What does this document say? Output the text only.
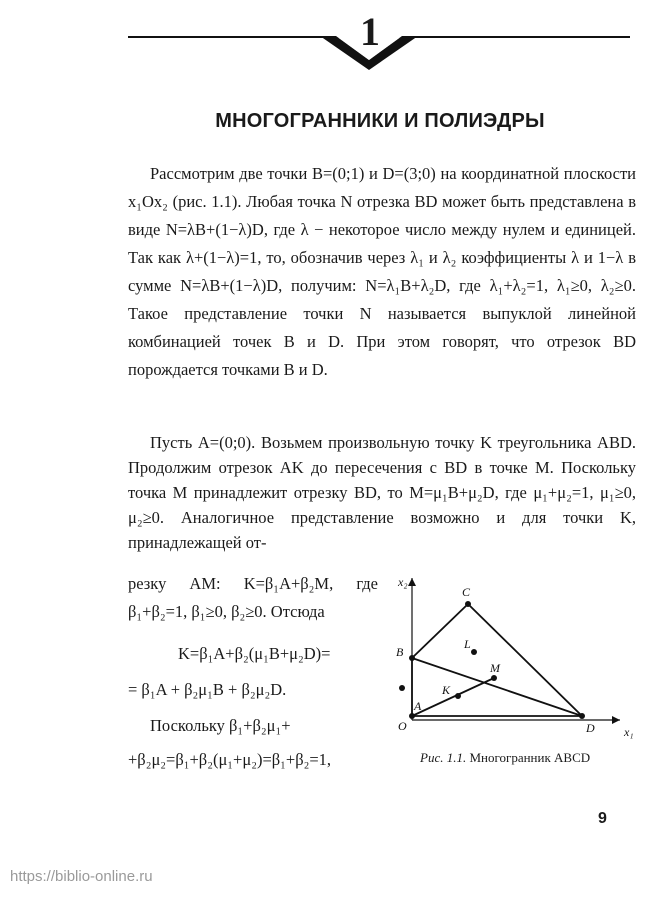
1
МНОГОГРАННИКИ И ПОЛИЭДРЫ
Рассмотрим две точки B=(0;1) и D=(3;0) на координатной плоскости x₁Ox₂ (рис. 1.1). Любая точка N отрезка BD может быть представлена в виде N=λB+(1−λ)D, где λ − некоторое число между нулем и единицей. Так как λ+(1−λ)=1, то, обозначив через λ₁ и λ₂ коэффициенты λ и 1−λ в сумме N=λB+(1−λ)D, получим: N=λ₁B+λ₂D, где λ₁+λ₂=1, λ₁≥0, λ₂≥0. Такое представление точки N называется выпуклой линейной комбинацией точек B и D. При этом говорят, что отрезок BD порождается точками B и D.
Пусть A=(0;0). Возьмем произвольную точку K треугольника ABD. Продолжим отрезок AK до пересечения с BD в точке M. Поскольку точка M принадлежит отрезку BD, то M=μ₁B+μ₂D, где μ₁+μ₂=1, μ₁≥0, μ₂≥0. Аналогичное представление возможно и для точки K, принадлежащей от-
резку AM: K=β₁A+β₂M, где β₁+β₂=1, β₁≥0, β₂≥0. Отсюда
K=β₁A+β₂(μ₁B+μ₂D)=
= β₁A + β₂μ₁B + β₂μ₂D.
Поскольку β₁+β₂μ₁+
+β₂μ₂=β₁+β₂(μ₁+μ₂)=β₁+β₂=1,
x₂
x₁
O
C
B
D
A
K
M
L
Рис. 1.1. Многогранник ABCD
9
https://biblio-online.ru
